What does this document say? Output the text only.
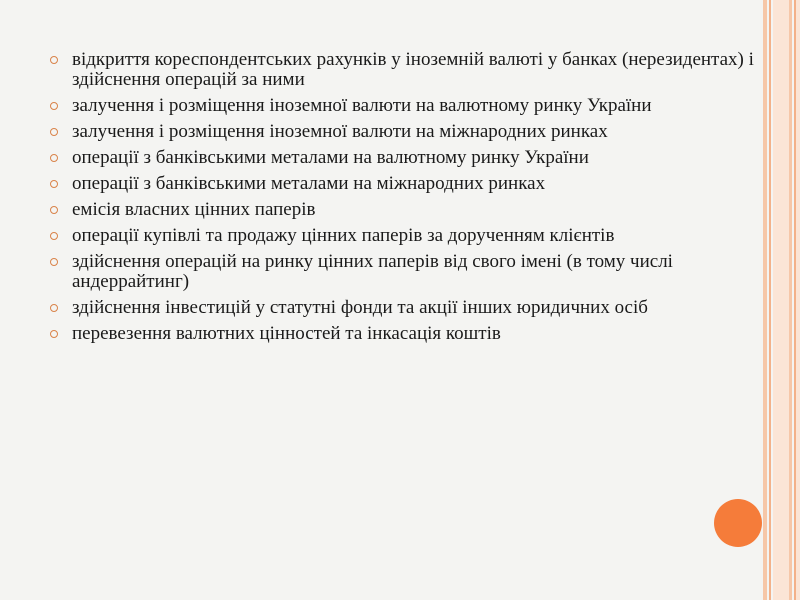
відкриття кореспондентських рахунків у іноземній валюті у банках (нерезидентах) і здійснення операцій за ними
залучення і розміщення іноземної валюти на валютному ринку України
залучення і розміщення іноземної валюти на міжнародних ринках
операції з банківськими металами на валютному ринку України
операції з банківськими металами на міжнародних ринках
емісія власних цінних паперів
операції купівлі та продажу цінних паперів за дорученням клієнтів
здійснення операцій на ринку цінних паперів від свого імені (в тому числі андеррайтинг)
здійснення інвестицій у статутні фонди та акції інших юридичних осіб
перевезення валютних цінностей та інкасація коштів
